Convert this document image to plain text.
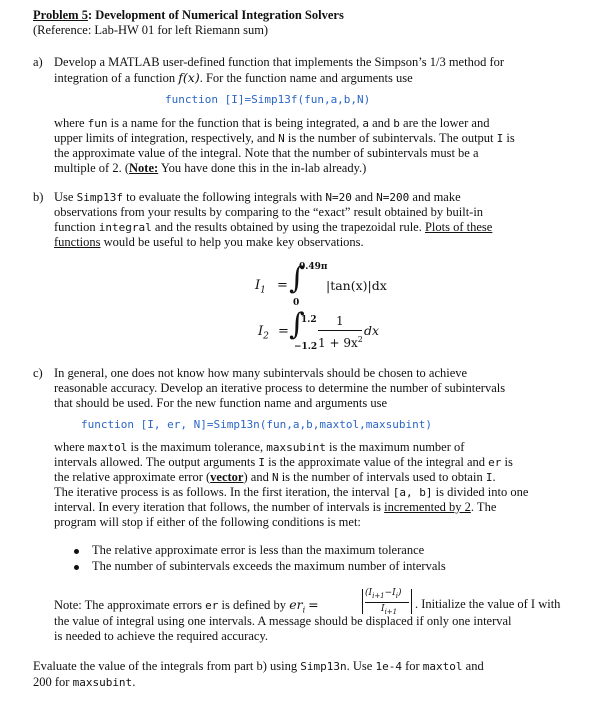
Problem 5: Development of Numerical Integration Solvers
(Reference: Lab-HW 01 for left Riemann sum)
a) Develop a MATLAB user-defined function that implements the Simpson’s 1/3 method for
integration of a function f(x). For the function name and arguments use
function [I]=Simp13f(fun,a,b,N)
where fun is a name for the function that is being integrated, a and b are the lower and
upper limits of integration, respectively, and N is the number of subintervals. The output I is
the approximate value of the integral. Note that the number of subintervals must be a
multiple of 2. (Note: You have done this in the in-lab already.)
b) Use Simp13f to evaluate the following integrals with N=20 and N=200 and make
observations from your results by comparing to the “exact” result obtained by built-in
function integral and the results obtained by using the trapezoidal rule. Plots of these
functions would be useful to help you make key observations.
$I_1$ = ∫
0.49π
0
|tan(x)|dx
$I_2$ = ∫
1.2
−1.2
1
$1 + 9x^2$
dx
c) In general, one does not know how many subintervals should be chosen to achieve
reasonable accuracy. Develop an iterative process to determine the number of subintervals
that should be used. For the new function name and arguments use
function [I, er, N]=Simp13n(fun,a,b,maxtol,maxsubint)
where maxtol is the maximum tolerance, maxsubint is the maximum number of
intervals allowed. The output arguments I is the approximate value of the integral and er is
the relative approximate error (vector) and N is the number of intervals used to obtain I.
The iterative process is as follows. In the first iteration, the interval [a, b] is divided into one
interval. In every iteration that follows, the number of intervals is incremented by 2. The
program will stop if either of the following conditions is met:
The relative approximate error is less than the maximum tolerance
The number of subintervals exceeds the maximum number of intervals
Note: The approximate errors er is defined by $er_i$ =
$(I_{i+1}-I_i)$
$I_{i+1}$
. Initialize the value of I with
the value of integral using one intervals. A message should be displaced if only one interval
is needed to achieve the required accuracy.
Evaluate the value of the integrals from part b) using Simp13n. Use 1e-4 for maxtol and
200 for maxsubint.
